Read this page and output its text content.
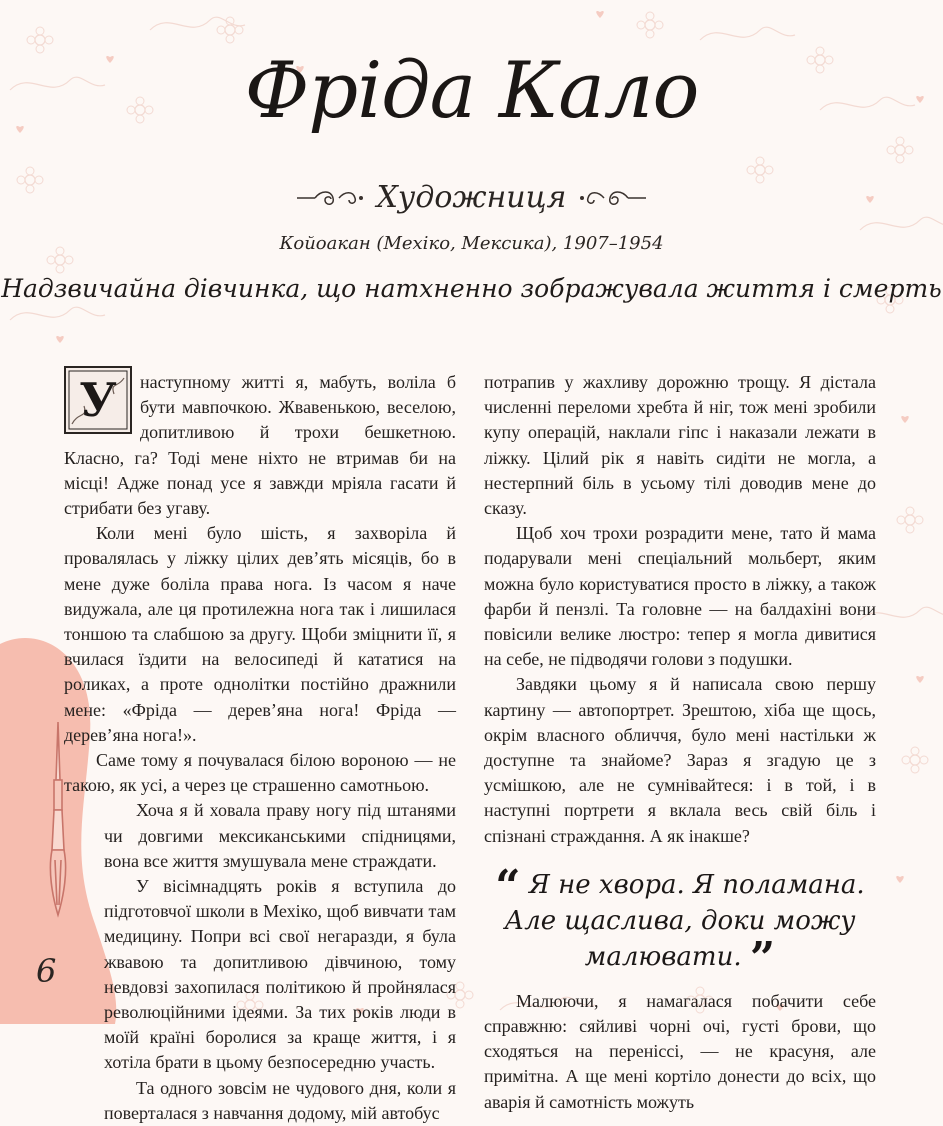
Фріда Кало
Художниця
Койоакан (Мехіко, Мексика), 1907–1954
Надзвичайна дівчинка, що натхненно зображувала життя і смерть

У наступному житті я, мабуть, воліла б бути мавпочкою. Жвавенькою, веселою, допитливою й трохи бешкетною. Класно, га? Тоді мене ніхто не втримав би на місці! Адже понад усе я завжди мріяла гасати й стрибати без угаву.

Коли мені було шість, я захворіла й провалялась у ліжку цілих дев’ять місяців, бо в мене дуже боліла права нога. Із часом я наче видужала, але ця протилежна нога так і лишилася тоншою та слабшою за другу. Щоби зміцнити її, я вчилася їздити на велосипеді й кататися на роликах, а проте однолітки постійно дражнили мене: «Фріда — дерев’яна нога! Фріда — дерев’яна нога!».

Саме тому я почувалася білою вороною — не такою, як усі, а через це страшенно самотньою.

Хоча я й ховала праву ногу під штанями чи довгими мексиканськими спідницями, вона все життя змушувала мене страждати.

У вісімнадцять років я вступила до підготовчої школи в Мехіко, щоб вивчати там медицину. Попри всі свої негаразди, я була жвавою та допитливою дівчиною, тому невдовзі захопилася політикою й пройнялася революційними ідеями. За тих років люди в моїй країні боролися за краще життя, і я хотіла брати в цьому безпосередню участь.

Та одного зовсім не чудового дня, коли я поверталася з навчання додому, мій автобус

потрапив у жахливу дорожню трощу. Я дістала численні переломи хребта й ніг, тож мені зробили купу операцій, наклали гіпс і наказали лежати в ліжку. Цілий рік я навіть сидіти не могла, а нестерпний біль в усьому тілі доводив мене до сказу.

Щоб хоч трохи розрадити мене, тато й мама подарували мені спеціальний мольберт, яким можна було користуватися просто в ліжку, а також фарби й пензлі. Та головне — на балдахіні вони повісили велике люстро: тепер я могла дивитися на себе, не підводячи голови з подушки.

Завдяки цьому я й написала свою першу картину — автопортрет. Зрештою, хіба ще щось, окрім власного обличчя, було мені настільки ж доступне та знайоме? Зараз я згадую це з усмішкою, але не сумнівайтеся: і в той, і в наступні портрети я вклала весь свій біль і спізнані страждання. А як інакше?

“ Я не хвора. Я поламана.
Але щаслива, доки можу
малювати. ”

Малюючи, я намагалася побачити себе справжню: сяйливі чорні очі, густі брови, що сходяться на переніссі, — не красуня, але примітна. А ще мені кортіло донести до всіх, що аварія й самотність можуть

6
